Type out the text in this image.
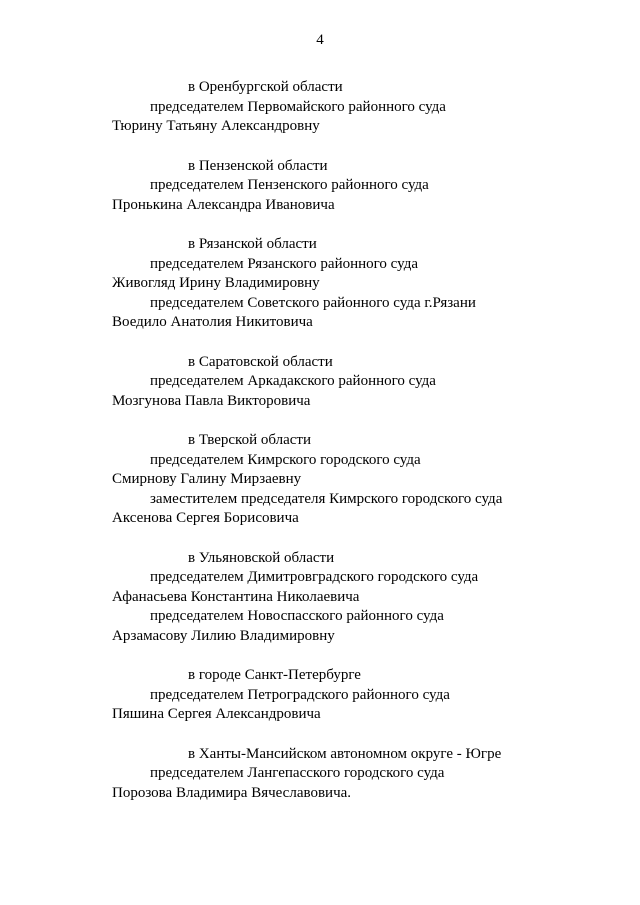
4
в Оренбургской области
председателем Первомайского районного суда
Тюрину Татьяну Александровну
в Пензенской области
председателем Пензенского районного суда
Пронькина Александра Ивановича
в Рязанской области
председателем Рязанского районного суда
Живогляд Ирину Владимировну
председателем Советского районного суда г.Рязани
Воедило Анатолия Никитовича
в Саратовской области
председателем Аркадакского районного суда
Мозгунова Павла Викторовича
в Тверской области
председателем Кимрского городского суда
Смирнову Галину Мирзаевну
заместителем председателя Кимрского городского суда
Аксенова Сергея Борисовича
в Ульяновской области
председателем Димитровградского городского суда
Афанасьева Константина Николаевича
председателем Новоспасского районного суда
Арзамасову Лилию Владимировну
в городе Санкт-Петербурге
председателем Петроградского районного суда
Пяшина Сергея Александровича
в Ханты-Мансийском автономном округе - Югре
председателем Лангепасского городского суда
Порозова Владимира Вячеславовича.
